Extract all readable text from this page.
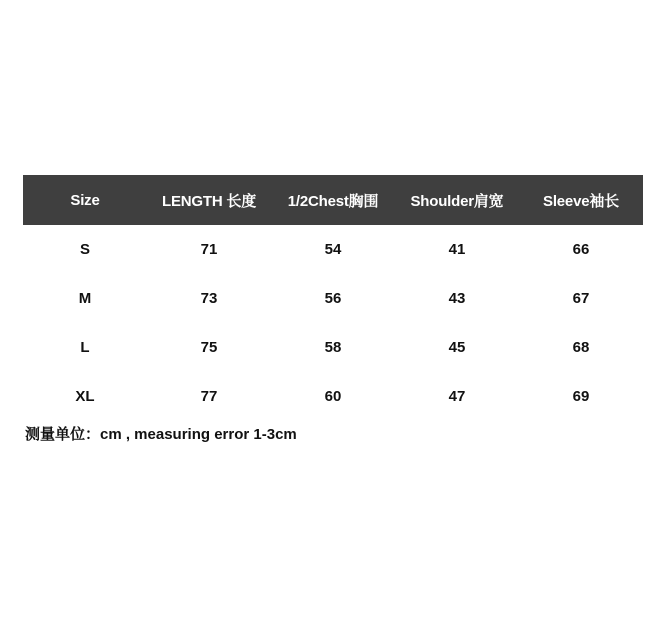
Size	LENGTH 长度	1/2Chest胸围	Shoulder肩宽	Sleeve袖长
S	71	54	41	66
M	73	56	43	67
L	75	58	45	68
XL	77	60	47	69
测量单位：cm , measuring error 1-3cm
